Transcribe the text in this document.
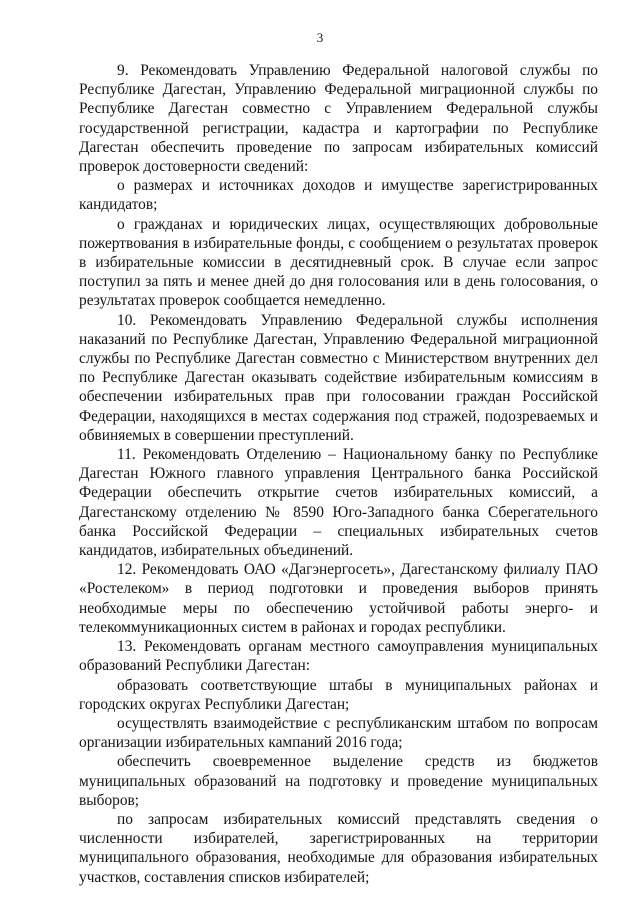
3

9. Рекомендовать Управлению Федеральной налоговой службы по Республике Дагестан, Управлению Федеральной миграционной службы по Республике Дагестан совместно с Управлением Федеральной службы государственной регистрации, кадастра и картографии по Республике Дагестан обеспечить проведение по запросам избирательных комиссий проверок достоверности сведений:

о размерах и источниках доходов и имуществе зарегистрированных кандидатов;

о гражданах и юридических лицах, осуществляющих добровольные пожертвования в избирательные фонды, с сообщением о результатах проверок в избирательные комиссии в десятидневный срок. В случае если запрос поступил за пять и менее дней до дня голосования или в день голосования, о результатах проверок сообщается немедленно.

10. Рекомендовать Управлению Федеральной службы исполнения наказаний по Республике Дагестан, Управлению Федеральной миграционной службы по Республике Дагестан совместно с Министерством внутренних дел по Республике Дагестан оказывать содействие избирательным комиссиям в обеспечении избирательных прав при голосовании граждан Российской Федерации, находящихся в местах содержания под стражей, подозреваемых и обвиняемых в совершении преступлений.

11. Рекомендовать Отделению – Национальному банку по Республике Дагестан Южного главного управления Центрального банка Российской Федерации обеспечить открытие счетов избирательных комиссий, а Дагестанскому отделению № 8590 Юго-Западного банка Сберегательного банка Российской Федерации – специальных избирательных счетов кандидатов, избирательных объединений.

12. Рекомендовать ОАО «Дагэнергосеть», Дагестанскому филиалу ПАО «Ростелеком» в период подготовки и проведения выборов принять необходимые меры по обеспечению устойчивой работы энерго- и телекоммуникационных систем в районах и городах республики.

13. Рекомендовать органам местного самоуправления муниципальных образований Республики Дагестан:

образовать соответствующие штабы в муниципальных районах и городских округах Республики Дагестан;

осуществлять взаимодействие с республиканским штабом по вопросам организации избирательных кампаний 2016 года;

обеспечить своевременное выделение средств из бюджетов муниципальных образований на подготовку и проведение муниципальных выборов;

по запросам избирательных комиссий представлять сведения о численности избирателей, зарегистрированных на территории муниципального образования, необходимые для образования избирательных участков, составления списков избирателей;
